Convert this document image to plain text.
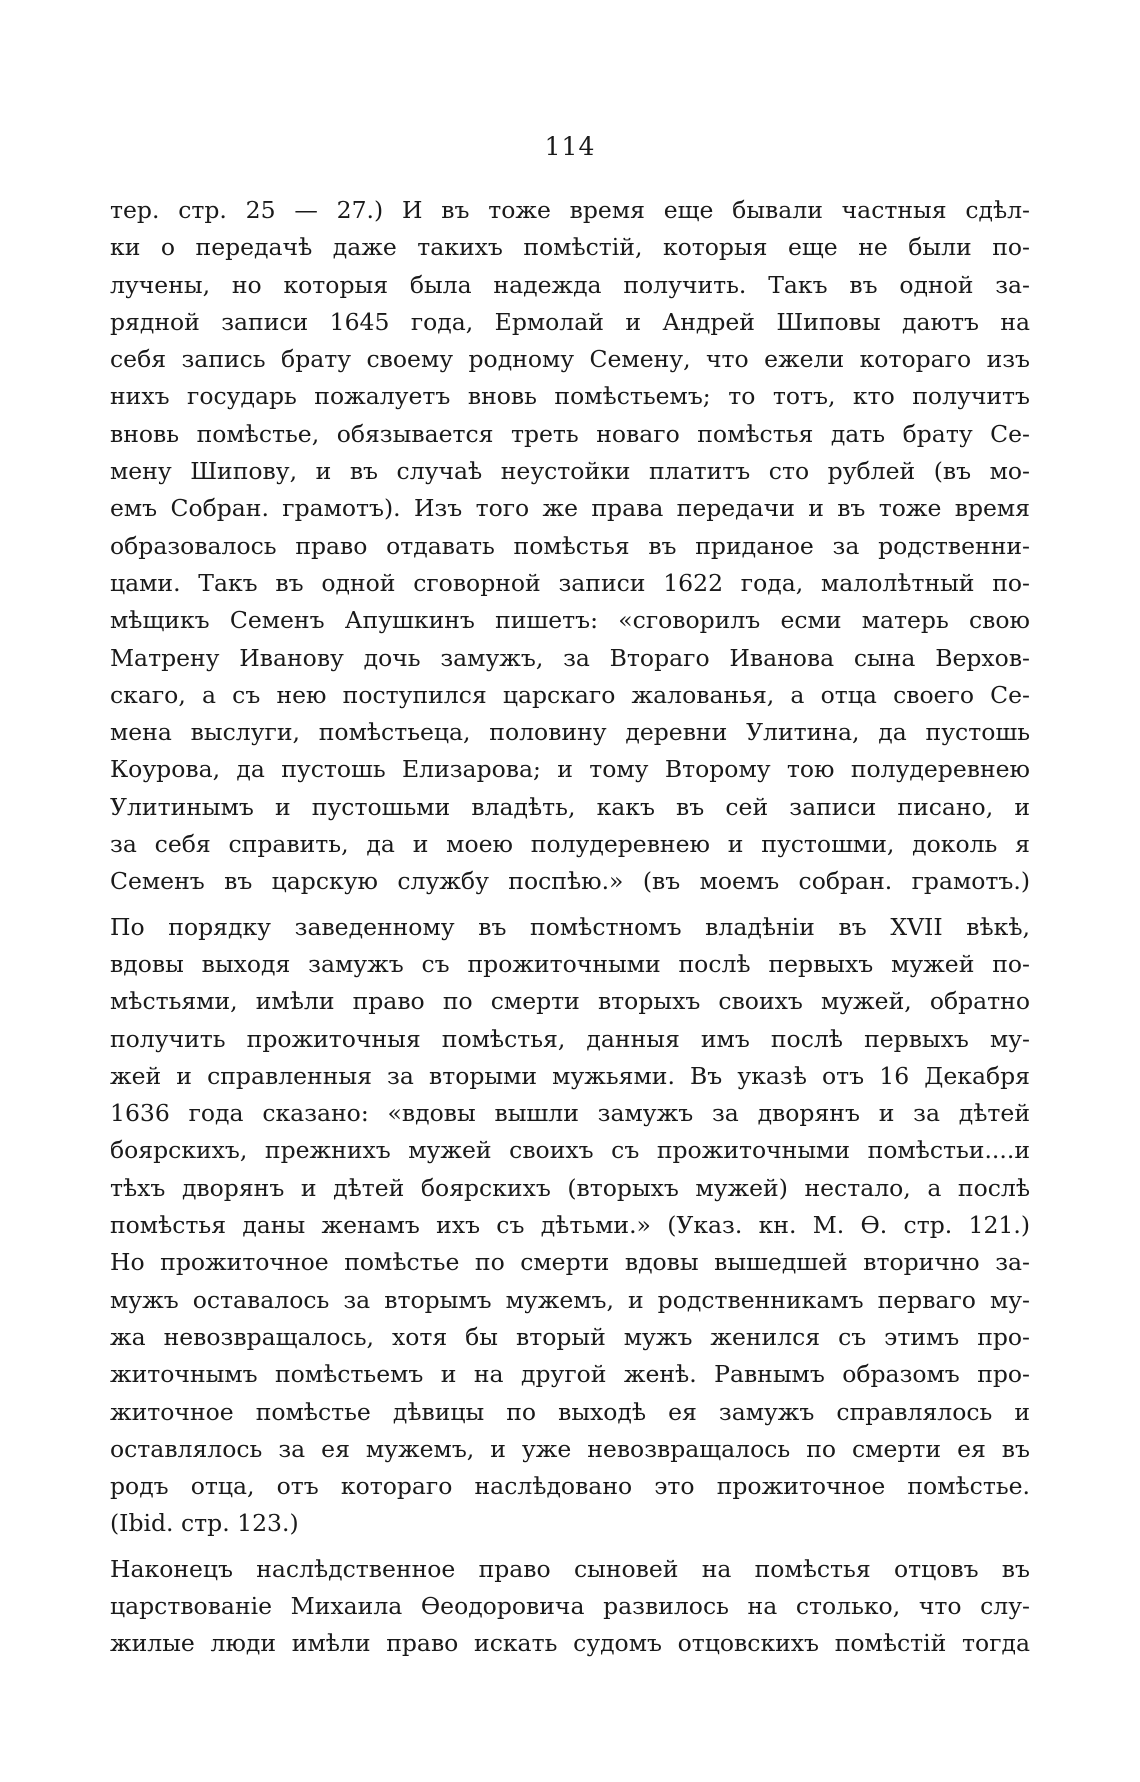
114
тер. стр. 25 — 27.) И въ тоже время еще бывали частныя сдѣл-
ки о передачѣ даже такихъ помѣстій, которыя еще не были по-
лучены, но которыя была надежда получить. Такъ въ одной за-
рядной записи 1645 года, Ермолай и Андрей Шиповы даютъ на
себя запись брату своему родному Семену, что ежели котораго изъ
нихъ государь пожалуетъ вновь помѣстьемъ; то тотъ, кто получитъ
вновь помѣстье, обязывается треть новаго помѣстья дать брату Се-
мену Шипову, и въ случаѣ неустойки платитъ сто рублей (въ мо-
емъ Собран. грамотъ). Изъ того же права передачи и въ тоже время
образовалось право отдавать помѣстья въ приданое за родственни-
цами. Такъ въ одной сговорной записи 1622 года, малолѣтный по-
мѣщикъ Семенъ Апушкинъ пишетъ: «сговорилъ есми матерь свою
Матрену Иванову дочь замужъ, за Втораго Иванова сына Верхов-
скаго, а съ нею поступился царскаго жалованья, а отца своего Се-
мена выслуги, помѣстьеца, половину деревни Улитина, да пустошь
Коурова, да пустошь Елизарова; и тому Второму тою полудеревнею
Улитинымъ и пустошьми владѣть, какъ въ сей записи писано, и
за себя справить, да и моею полудеревнею и пустошми, доколь я
Семенъ въ царскую службу поспѣю.» (въ моемъ собран. грамотъ.)
По порядку заведенному въ помѣстномъ владѣніи въ XVII вѣкѣ,
вдовы выходя замужъ съ прожиточными послѣ первыхъ мужей по-
мѣстьями, имѣли право по смерти вторыхъ своихъ мужей, обратно
получить прожиточныя помѣстья, данныя имъ послѣ первыхъ му-
жей и справленныя за вторыми мужьями. Въ указѣ отъ 16 Декабря
1636 года сказано: «вдовы вышли замужъ за дворянъ и за дѣтей
боярскихъ, прежнихъ мужей своихъ съ прожиточными помѣстьи....и
тѣхъ дворянъ и дѣтей боярскихъ (вторыхъ мужей) нестало, а послѣ
помѣстья даны женамъ ихъ съ дѣтьми.» (Указ. кн. М. Ѳ. стр. 121.)
Но прожиточное помѣстье по смерти вдовы вышедшей вторично за-
мужъ оставалось за вторымъ мужемъ, и родственникамъ перваго му-
жа невозвращалось, хотя бы вторый мужъ женился съ этимъ про-
житочнымъ помѣстьемъ и на другой женѣ. Равнымъ образомъ про-
житочное помѣстье дѣвицы по выходѣ ея замужъ справлялось и
оставлялось за ея мужемъ, и уже невозвращалось по смерти ея въ
родъ отца, отъ котораго наслѣдовано это прожиточное помѣстье.
(Ibid. стр. 123.)
Наконецъ наслѣдственное право сыновей на помѣстья отцовъ въ
царствованіе Михаила Ѳеодоровича развилось на столько, что слу-
жилые люди имѣли право искать судомъ отцовскихъ помѣстій тогда
